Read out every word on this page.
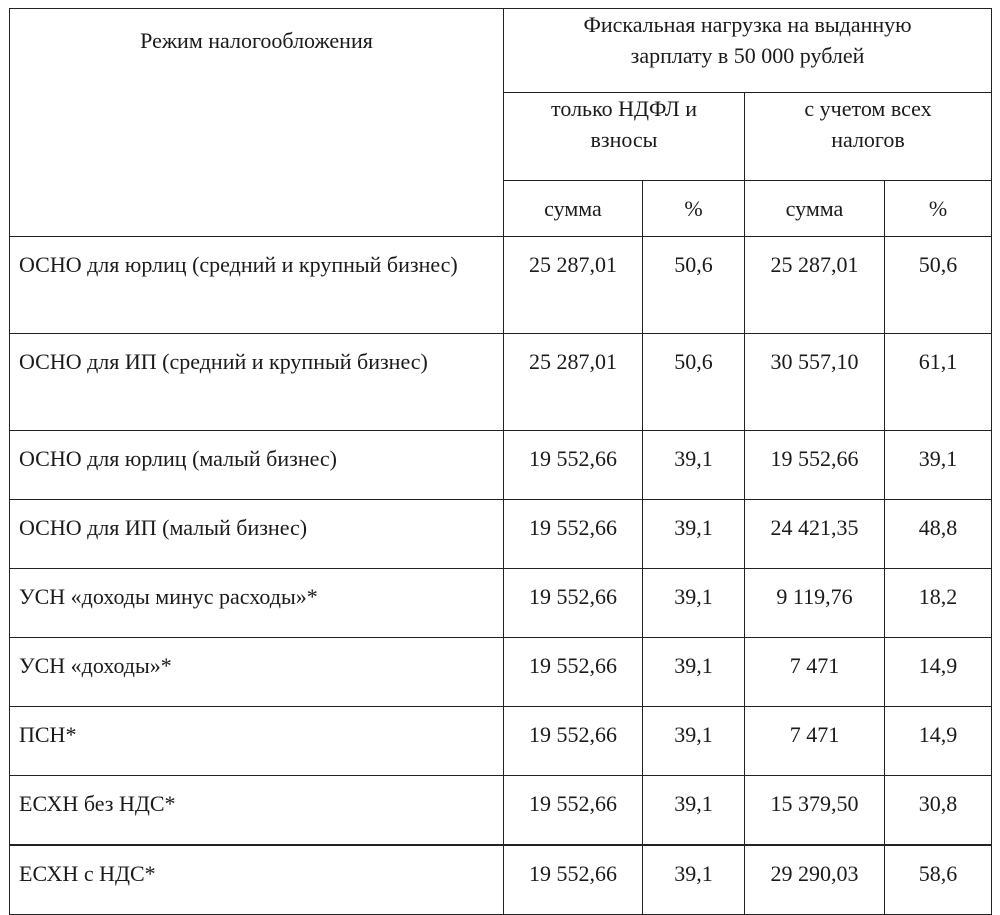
Режим налогообложения	Фискальная нагрузка на выданную зарплату в 50 000 рублей			
	только НДФЛ и взносы		с учетом всех налогов	
	сумма	%	сумма	%
ОСНО для юрлиц (средний и крупный бизнес)	25 287,01	50,6	25 287,01	50,6
ОСНО для ИП (средний и крупный бизнес)	25 287,01	50,6	30 557,10	61,1
ОСНО для юрлиц (малый бизнес)	19 552,66	39,1	19 552,66	39,1
ОСНО для ИП (малый бизнес)	19 552,66	39,1	24 421,35	48,8
УСН «доходы минус расходы»*	19 552,66	39,1	9 119,76	18,2
УСН «доходы»*	19 552,66	39,1	7 471	14,9
ПСН*	19 552,66	39,1	7 471	14,9
ЕСХН без НДС*	19 552,66	39,1	15 379,50	30,8
ЕСХН с НДС*	19 552,66	39,1	29 290,03	58,6
